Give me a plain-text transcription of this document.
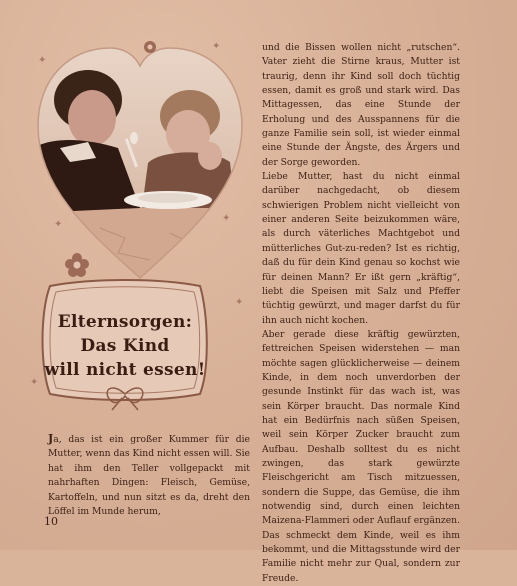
✦
✦
✦
✦
✦
✦
Elternsorgen:
Das Kind
will nicht essen!
Ja, das ist ein großer Kummer für die Mutter, wenn das Kind nicht essen will. Sie hat ihm den Teller vollgepackt mit nahrhaften Dingen: Fleisch, Gemüse, Kartoffeln, und nun sitzt es da, dreht den Löffel im Munde herum,

und die Bissen wollen nicht „rutschen“. Vater zieht die Stirne kraus, Mutter ist traurig, denn ihr Kind soll doch tüchtig essen, damit es groß und stark wird. Das Mittagessen, das eine Stunde der Erholung und des Ausspannens für die ganze Familie sein soll, ist wieder einmal eine Stunde der Ängste, des Ärgers und der Sorge geworden.

Liebe Mutter, hast du nicht einmal darüber nachgedacht, ob diesem schwierigen Problem nicht vielleicht von einer anderen Seite beizukommen wäre, als durch väterliches Machtgebot und mütterliches Gut-zu-reden? Ist es richtig, daß du für dein Kind genau so kochst wie für deinen Mann? Er ißt gern „kräftig“, liebt die Speisen mit Salz und Pfeffer tüchtig gewürzt, und mager darfst du für ihn auch nicht kochen.

Aber gerade diese kräftig gewürzten, fettreichen Speisen widerstehen — man möchte sagen glücklicherweise — deinem Kinde, in dem noch unverdorben der gesunde Instinkt für das wach ist, was sein Körper braucht. Das normale Kind hat ein Bedürfnis nach süßen Speisen, weil sein Körper Zucker braucht zum Aufbau. Deshalb solltest du es nicht zwingen, das stark gewürzte Fleischgericht am Tisch mitzuessen, sondern die Suppe, das Gemüse, die ihm notwendig sind, durch einen leichten Maizena-Flammeri oder Auflauf ergänzen. Das schmeckt dem Kinde, weil es ihm bekommt, und die Mittagsstunde wird der Familie nicht mehr zur Qual, sondern zur Freude.

10
